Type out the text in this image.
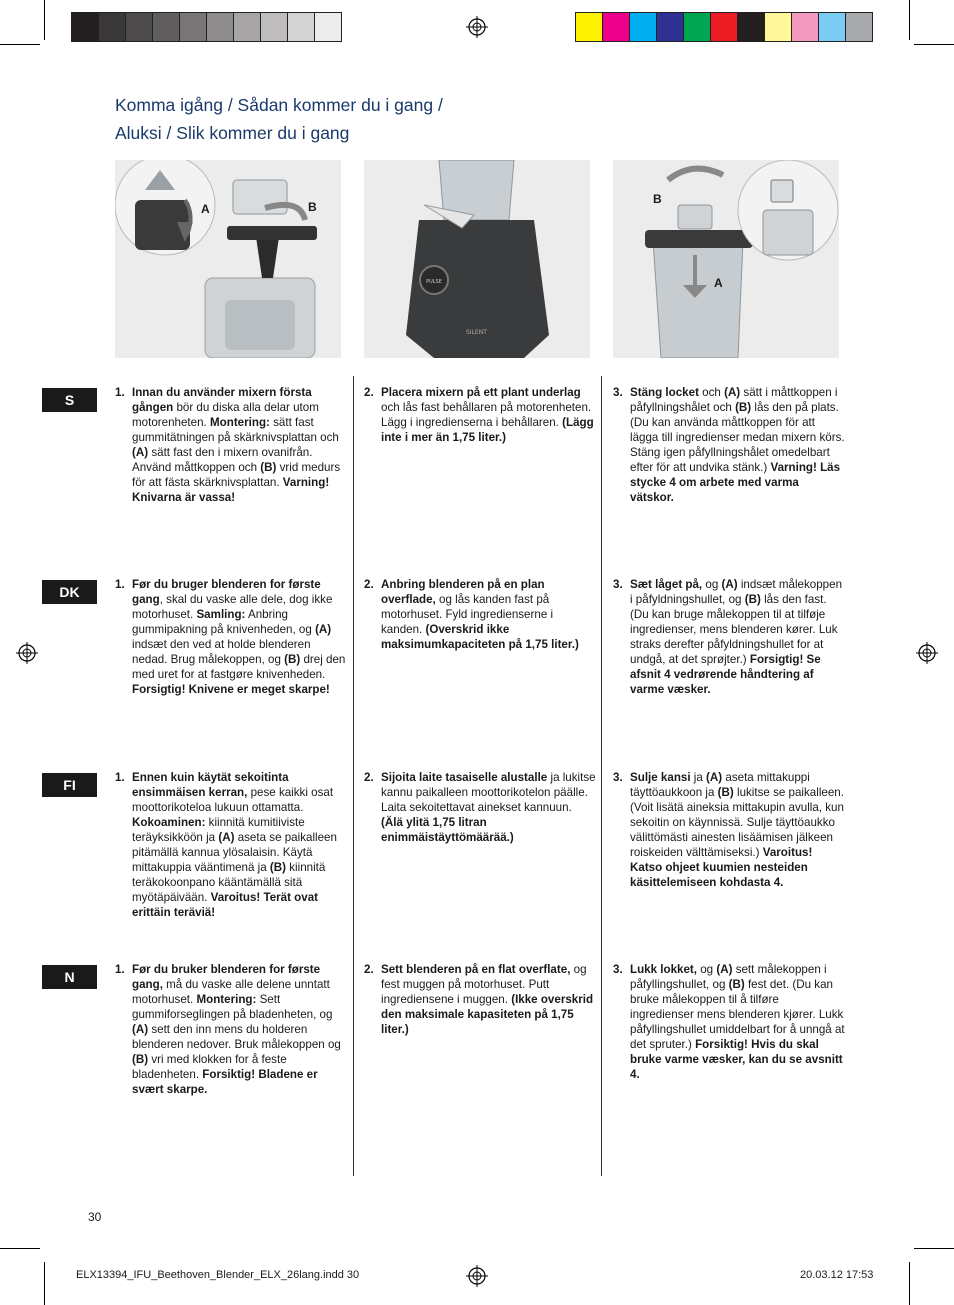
Komma igång / Sådan kommer du i gang /
Aluksi / Slik kommer du i gang
A	B
PULSE
SILENT
B
A
S
DK
FI
N
1. Innan du använder mixern första gången bör du diska alla delar utom motorenheten. Montering: sätt fast gummitätningen på skärknivsplattan och (A) sätt fast den i mixern ovanifrån. Använd måttkoppen och (B) vrid medurs för att fästa skärknivsplattan. Varning! Knivarna är vassa!
2. Placera mixern på ett plant underlag och lås fast behållaren på motorenheten. Lägg i ingredienserna i behållaren. (Lägg inte i mer än 1,75 liter.)
3. Stäng locket och (A) sätt i måttkoppen i påfyllningshålet och (B) lås den på plats. (Du kan använda måttkoppen för att lägga till ingredienser medan mixern körs. Stäng igen påfyllningshålet omedelbart efter för att undvika stänk.) Varning! Läs stycke 4 om arbete med varma vätskor.
1. Før du bruger blenderen for første gang, skal du vaske alle dele, dog ikke motorhuset. Samling: Anbring gummipakning på knivenheden, og (A) indsæt den ved at holde blenderen nedad. Brug målekoppen, og (B) drej den med uret for at fastgøre knivenheden. Forsigtig! Knivene er meget skarpe!
2. Anbring blenderen på en plan overflade, og lås kanden fast på motorhuset. Fyld ingredienserne i kanden. (Overskrid ikke maksimumkapaciteten på 1,75 liter.)
3. Sæt låget på, og (A) indsæt målekoppen i påfyldningshullet, og (B) lås den fast. (Du kan bruge målekoppen til at tilføje ingredienser, mens blenderen kører. Luk straks derefter påfyldningshullet for at undgå, at det sprøjter.) Forsigtig! Se afsnit 4 vedrørende håndtering af varme væsker.
1. Ennen kuin käytät sekoitinta ensimmäisen kerran, pese kaikki osat moottorikoteloa lukuun ottamatta. Kokoaminen: kiinnitä kumitiiviste teräyksikköön ja (A) aseta se paikalleen pitämällä kannua ylösalaisin. Käytä mittakuppia vääntimenä ja (B) kiinnitä teräkokoonpano kääntämällä sitä myötäpäivään. Varoitus! Terät ovat erittäin teräviä!
2. Sijoita laite tasaiselle alustalle ja lukitse kannu paikalleen moottorikotelon päälle. Laita sekoitettavat ainekset kannuun. (Älä ylitä 1,75 litran enimmäistäyttömäärää.)
3. Sulje kansi ja (A) aseta mittakuppi täyttöaukkoon ja (B) lukitse se paikalleen. (Voit lisätä aineksia mittakupin avulla, kun sekoitin on käynnissä. Sulje täyttöaukko välittömästi ainesten lisäämisen jälkeen roiskeiden välttämiseksi.) Varoitus! Katso ohjeet kuumien nesteiden käsittelemiseen kohdasta 4.
1. Før du bruker blenderen for første gang, må du vaske alle delene unntatt motorhuset. Montering: Sett gummiforseglingen på bladenheten, og (A) sett den inn mens du holderen blenderen nedover. Bruk målekoppen og (B) vri med klokken for å feste bladenheten. Forsiktig! Bladene er svært skarpe.
2. Sett blenderen på en flat overflate, og fest muggen på motorhuset. Putt ingrediensene i muggen. (Ikke overskrid den maksimale kapasiteten på 1,75 liter.)
3. Lukk lokket, og (A) sett målekoppen i påfyllingshullet, og (B) fest det. (Du kan bruke målekoppen til å tilføre ingredienser mens blenderen kjører. Lukk påfyllingshullet umiddelbart for å unngå at det spruter.) Forsiktig! Hvis du skal bruke varme væsker, kan du se avsnitt 4.
30
ELX13394_IFU_Beethoven_Blender_ELX_26lang.indd 30	20.03.12 17:53
